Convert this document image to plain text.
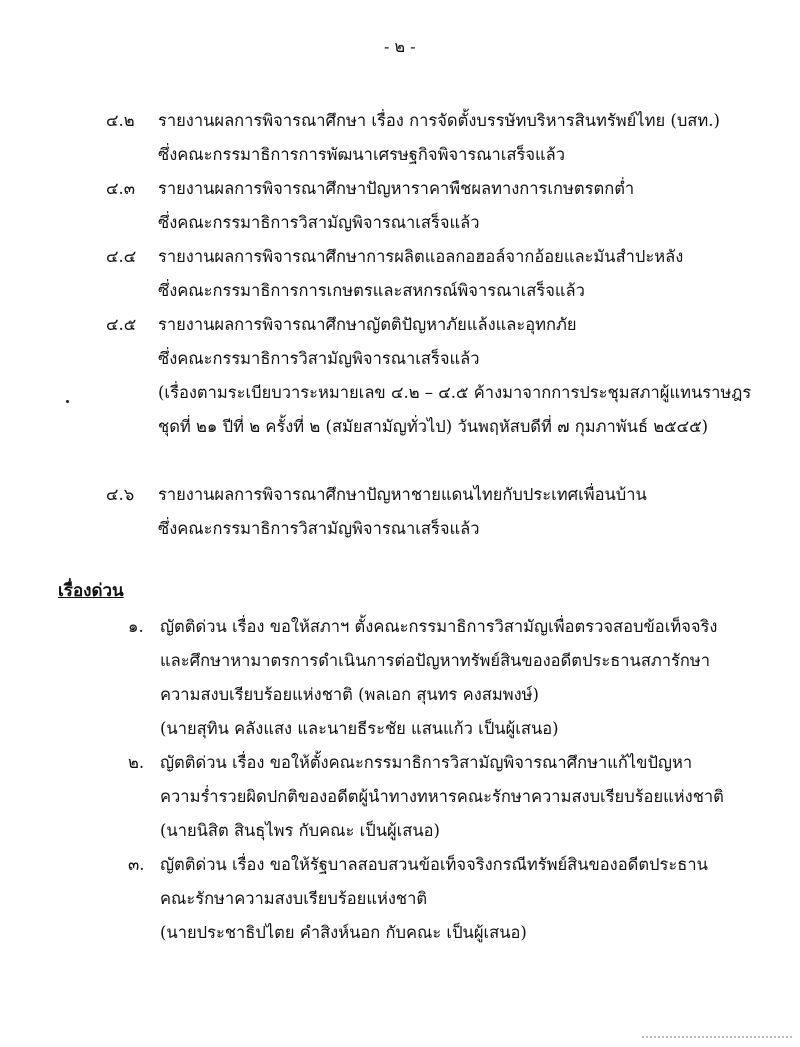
- ๒ -
๔.๒ รายงานผลการพิจารณาศึกษา เรื่อง การจัดตั้งบรรษัทบริหารสินทรัพย์ไทย (บสท.)
ซึ่งคณะกรรมาธิการการพัฒนาเศรษฐกิจพิจารณาเสร็จแล้ว
๔.๓ รายงานผลการพิจารณาศึกษาปัญหาราคาพืชผลทางการเกษตรตกต่ำ
ซึ่งคณะกรรมาธิการวิสามัญพิจารณาเสร็จแล้ว
๔.๔ รายงานผลการพิจารณาศึกษาการผลิตแอลกอฮอล์จากอ้อยและมันสำปะหลัง
ซึ่งคณะกรรมาธิการการเกษตรและสหกรณ์พิจารณาเสร็จแล้ว
๔.๕ รายงานผลการพิจารณาศึกษาญัตติปัญหาภัยแล้งและอุทกภัย
ซึ่งคณะกรรมาธิการวิสามัญพิจารณาเสร็จแล้ว
(เรื่องตามระเบียบวาระหมายเลข ๔.๒ – ๔.๕ ค้างมาจากการประชุมสภาผู้แทนราษฎร
ชุดที่ ๒๑ ปีที่ ๒ ครั้งที่ ๒ (สมัยสามัญทั่วไป) วันพฤหัสบดีที่ ๗ กุมภาพันธ์ ๒๕๔๕)
๔.๖ รายงานผลการพิจารณาศึกษาปัญหาชายแดนไทยกับประเทศเพื่อนบ้าน
ซึ่งคณะกรรมาธิการวิสามัญพิจารณาเสร็จแล้ว
เรื่องด่วน
๑. ญัตติด่วน เรื่อง ขอให้สภาฯ ตั้งคณะกรรมาธิการวิสามัญเพื่อตรวจสอบข้อเท็จจริง
และศึกษาหามาตรการดำเนินการต่อปัญหาทรัพย์สินของอดีตประธานสภารักษา
ความสงบเรียบร้อยแห่งชาติ (พลเอก สุนทร คงสมพงษ์)
(นายสุทิน คลังแสง และนายธีระชัย แสนแก้ว เป็นผู้เสนอ)
๒. ญัตติด่วน เรื่อง ขอให้ตั้งคณะกรรมาธิการวิสามัญพิจารณาศึกษาแก้ไขปัญหา
ความร่ำรวยผิดปกติของอดีตผู้นำทางทหารคณะรักษาความสงบเรียบร้อยแห่งชาติ
(นายนิสิต สินธุไพร กับคณะ เป็นผู้เสนอ)
๓. ญัตติด่วน เรื่อง ขอให้รัฐบาลสอบสวนข้อเท็จจริงกรณีทรัพย์สินของอดีตประธาน
คณะรักษาความสงบเรียบร้อยแห่งชาติ
(นายประชาธิปไตย คำสิงห์นอก กับคณะ เป็นผู้เสนอ)
